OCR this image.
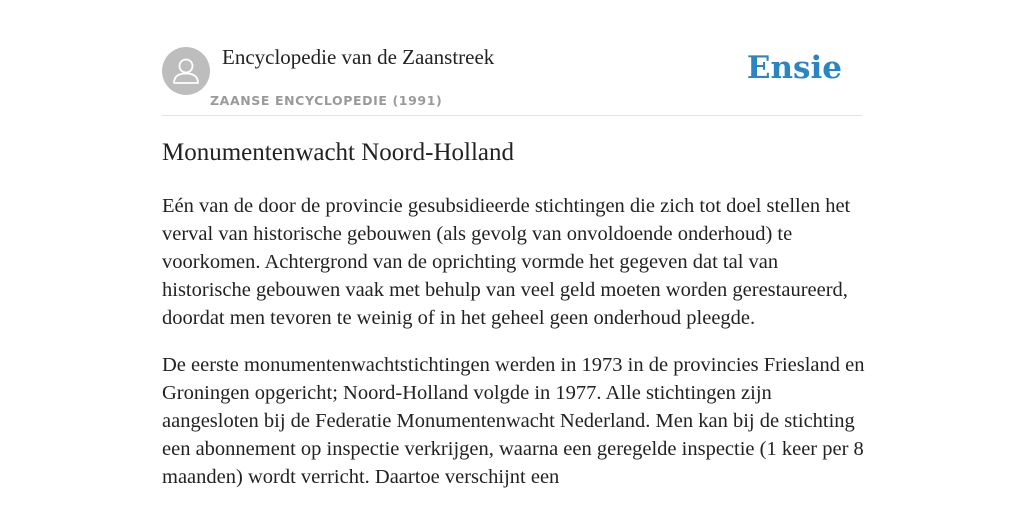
Encyclopedie van de Zaanstreek
ZAANSE ENCYCLOPEDIE (1991)
Ensie
Monumentenwacht Noord-Holland

Eén van de door de provincie gesubsidieerde stichtingen die zich tot doel stellen het verval van historische gebouwen (als gevolg van onvoldoende onderhoud) te voorkomen. Achtergrond van de oprichting vormde het gegeven dat tal van historische gebouwen vaak met behulp van veel geld moeten worden gerestaureerd, doordat men tevoren te weinig of in het geheel geen onderhoud pleegde.

De eerste monumentenwachtstichtingen werden in 1973 in de provincies Friesland en Groningen opgericht; Noord-Holland volgde in 1977. Alle stichtingen zijn aangesloten bij de Federatie Monumentenwacht Nederland. Men kan bij de stichting een abonnement op inspectie verkrijgen, waarna een geregelde inspectie (1 keer per 8 maanden) wordt verricht. Daartoe verschijnt een
